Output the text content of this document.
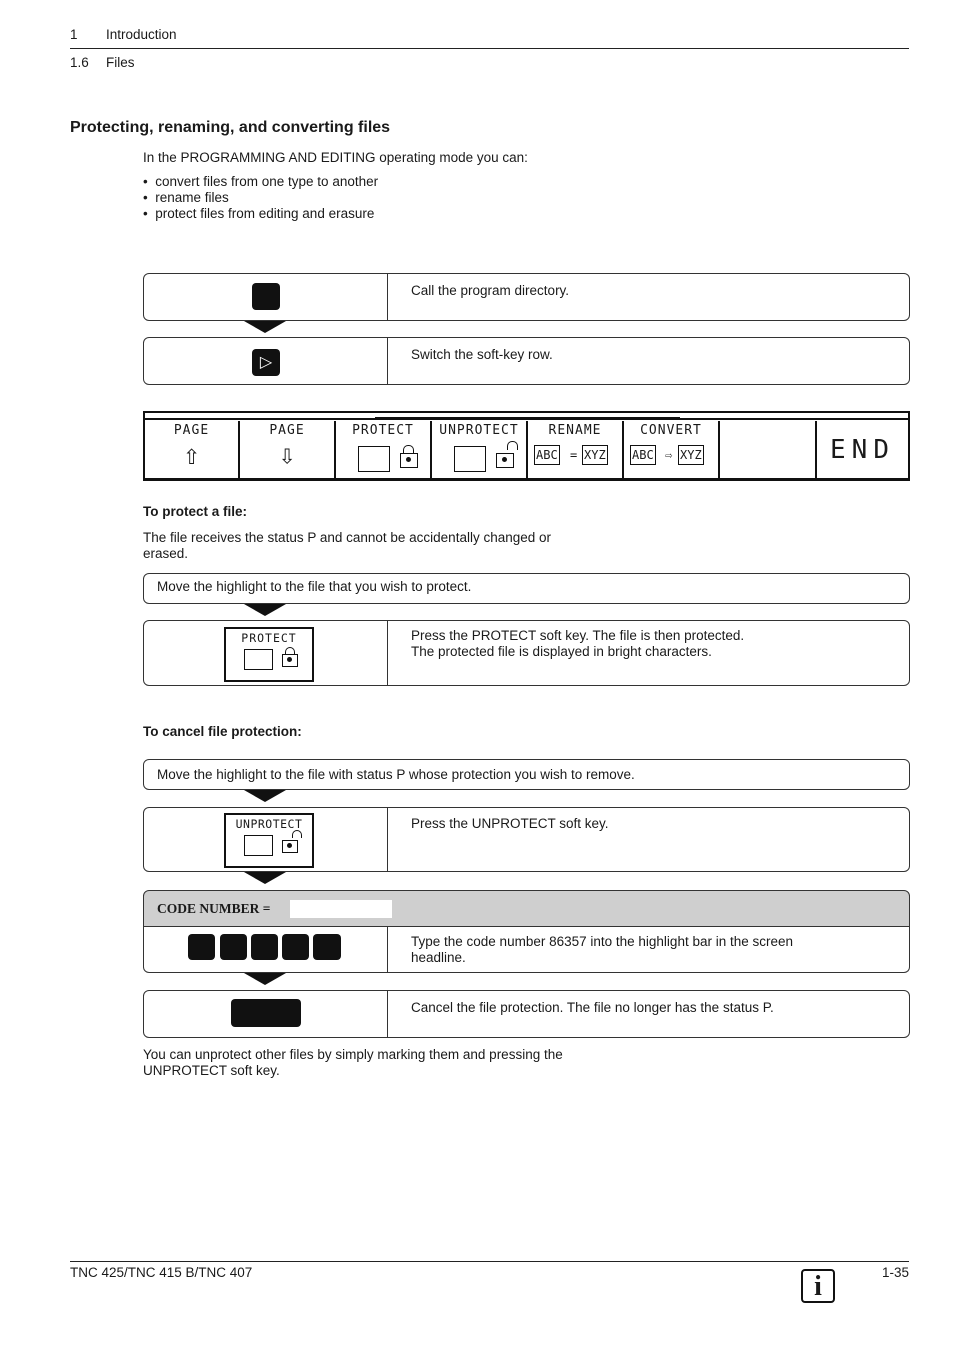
1 Introduction
1.6 Files
Protecting, renaming, and converting files
In the PROGRAMMING AND EDITING operating mode you can:
•  convert files from one type to another
•  rename files
•  protect files from editing and erasure
Call the program directory.
▷	Switch the soft-key row.
PAGE
⇧
PAGE
⇩
PROTECT	UNPROTECT	RENAME
ABC = XYZ
CONVERT
ABC ⇨ XYZ	END
To protect a file:
The file receives the status P and cannot be accidentally changed or
erased.
Move the highlight to the file that you wish to protect.
PROTECT	Press the PROTECT soft key. The file is then protected.
The protected file is displayed in bright characters.
To cancel file protection:
Move the highlight to the file with status P whose protection you wish to remove.
UNPROTECT	Press the UNPROTECT soft key.
CODE NUMBER =
Type the code number 86357 into the highlight bar in the screen
headline.
Cancel the file protection. The file no longer has the status P.
You can unprotect other files by simply marking them and pressing the
UNPROTECT soft key.
TNC 425/TNC 415 B/TNC 407	i	1-35
